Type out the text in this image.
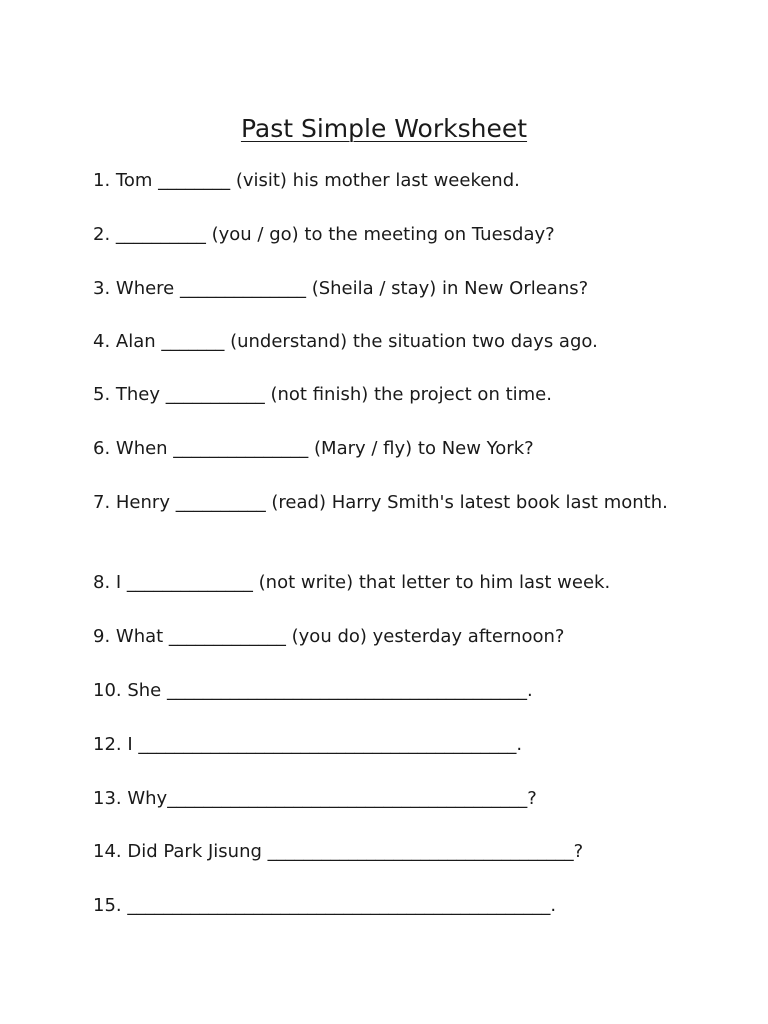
Past Simple Worksheet
1. Tom ________ (visit) his mother last weekend.
2. __________ (you / go) to the meeting on Tuesday?
3. Where ______________ (Sheila / stay) in New Orleans?
4. Alan _______ (understand) the situation two days ago.
5. They ___________ (not finish) the project on time.
6. When _______________ (Mary / fly) to New York?
7. Henry __________ (read) Harry Smith's latest book last month.
8. I ______________ (not write) that letter to him last week.
9. What _____________ (you do) yesterday afternoon?
10. She ________________________________________.
12. I __________________________________________.
13. Why________________________________________?
14. Did Park Jisung __________________________________?
15. _______________________________________________.
